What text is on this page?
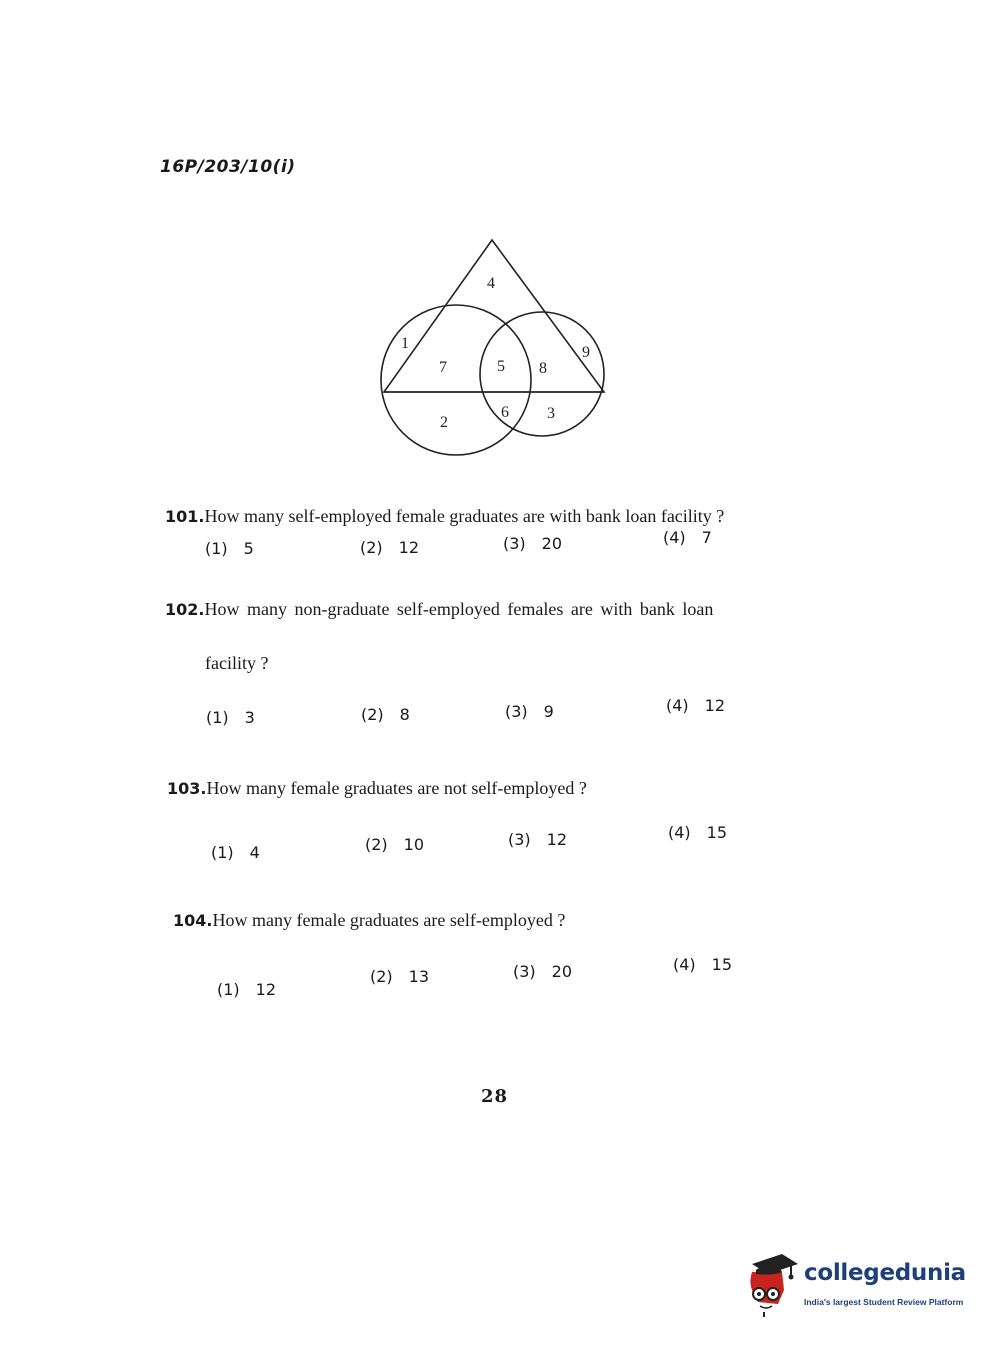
16P/203/10(i)
4
1
7	5 8
9
2
6 3
101.How many self-employed female graduates are with bank loan facility ?
(1) 5	(2) 12	(3) 20	(4) 7
102.How many non-graduate self-employed females are with bank loan
facility ?
(1) 3	(2) 8	(3) 9	(4) 12
103.How many female graduates are not self-employed ?
(1) 4	(2) 10	(3) 12	(4) 15
104.How many female graduates are self-employed ?
(1) 12
(2) 13	(3) 20	(4) 15
28
collegedunia
India's largest Student Review Platform
